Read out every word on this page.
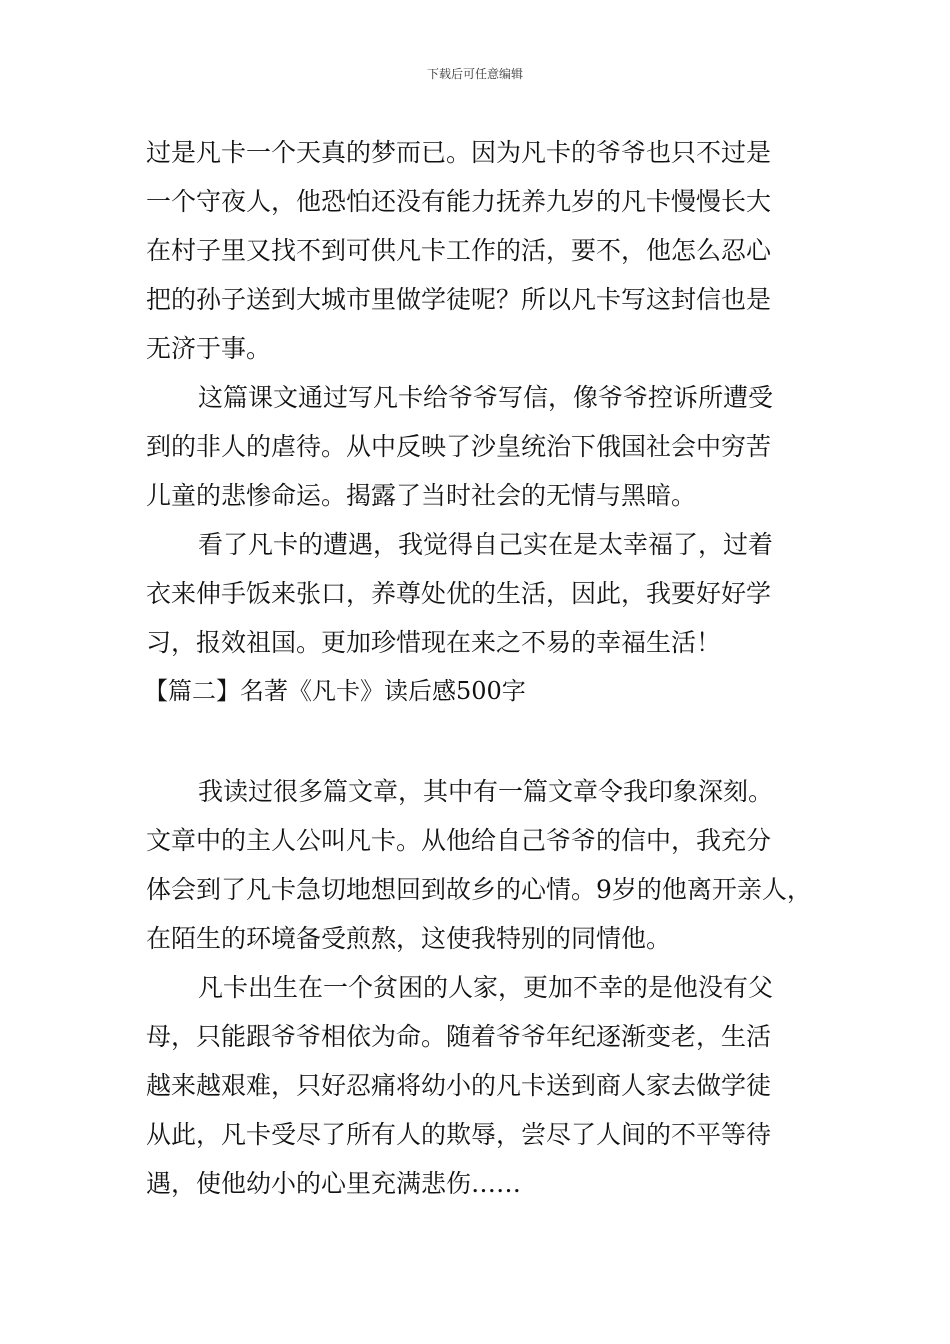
下载后可任意编辑
过是凡卡一个天真的梦而已。因为凡卡的爷爷也只不过是
一个守夜人，他恐怕还没有能力抚养九岁的凡卡慢慢长大
在村子里又找不到可供凡卡工作的活，要不，他怎么忍心
把的孙子送到大城市里做学徒呢？所以凡卡写这封信也是
无济于事。
这篇课文通过写凡卡给爷爷写信，像爷爷控诉所遭受
到的非人的虐待。从中反映了沙皇统治下俄国社会中穷苦
儿童的悲惨命运。揭露了当时社会的无情与黑暗。
看了凡卡的遭遇，我觉得自己实在是太幸福了，过着
衣来伸手饭来张口，养尊处优的生活，因此，我要好好学
习，报效祖国。更加珍惜现在来之不易的幸福生活！
【篇二】名著《凡卡》读后感500字
我读过很多篇文章，其中有一篇文章令我印象深刻。
文章中的主人公叫凡卡。从他给自己爷爷的信中，我充分
体会到了凡卡急切地想回到故乡的心情。9岁的他离开亲人，
在陌生的环境备受煎熬，这使我特别的同情他。
凡卡出生在一个贫困的人家，更加不幸的是他没有父
母，只能跟爷爷相依为命。随着爷爷年纪逐渐变老，生活
越来越艰难，只好忍痛将幼小的凡卡送到商人家去做学徒
从此，凡卡受尽了所有人的欺辱，尝尽了人间的不平等待
遇，使他幼小的心里充满悲伤……
